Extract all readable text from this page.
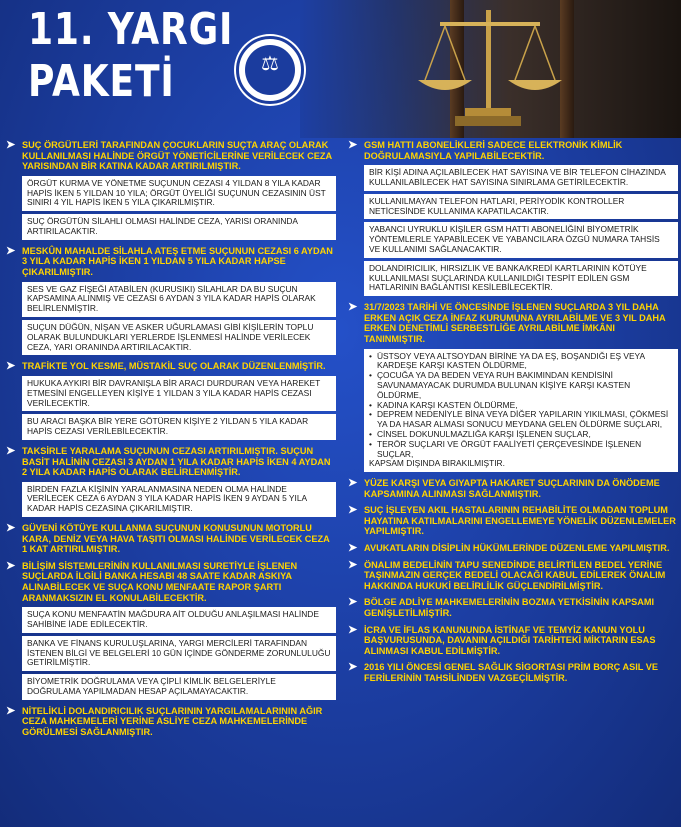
11. YARGI
PAKETİ	⚖
➤ SUÇ ÖRGÜTLERİ TARAFINDAN ÇOCUKLARIN SUÇTA ARAÇ OLARAK KULLANILMASI HALİNDE ÖRGÜT YÖNETİCİLERİNE VERİLECEK CEZA YARISINDAN BİR KATINA KADAR ARTIRILMIŞTIR.
ÖRGÜT KURMA VE YÖNETME SUÇUNUN CEZASI 4 YILDAN 8 YILA KADAR HAPİS İKEN 5 YILDAN 10 YILA; ÖRGÜT ÜYELİĞİ SUÇUNUN CEZASININ ÜST SINIRI 4 YIL HAPİS İKEN 5 YILA ÇIKARILMIŞTIR.
SUÇ ÖRGÜTÜN SİLAHLI OLMASI HALİNDE CEZA, YARISI ORANINDA ARTIRILACAKTIR.
➤ MESKÛN MAHALDE SİLAHLA ATEŞ ETME SUÇUNUN CEZASI 6 AYDAN 3 YILA KADAR HAPİS İKEN 1 YILDAN 5 YILA KADAR HAPSE ÇIKARILMIŞTIR.
SES VE GAZ FİŞEĞİ ATABİLEN (KURUSIKI) SİLAHLAR DA BU SUÇUN KAPSAMINA ALINMIŞ VE CEZASI 6 AYDAN 3 YILA KADAR HAPİS OLARAK BELİRLENMİŞTİR.
SUÇUN DÜĞÜN, NİŞAN VE ASKER UĞURLAMASI GİBİ KİŞİLERİN TOPLU OLARAK BULUNDUKLARI YERLERDE İŞLENMESİ HALİNDE VERİLECEK CEZA, YARI ORANINDA ARTIRILACAKTIR.
➤ TRAFİKTE YOL KESME, MÜSTAKİL SUÇ OLARAK DÜZENLENMİŞTİR.
HUKUKA AYKIRI BİR DAVRANIŞLA BİR ARACI DURDURAN VEYA HAREKET ETMESİNİ ENGELLEYEN KİŞİYE 1 YILDAN 3 YILA KADAR HAPİS CEZASI VERİLECEKTİR.
BU ARACI BAŞKA BİR YERE GÖTÜREN KİŞİYE 2 YILDAN 5 YILA KADAR HAPİS CEZASI VERİLEBİLECEKTİR.
➤ TAKSİRLE YARALAMA SUÇUNUN CEZASI ARTIRILMIŞTIR. SUÇUN BASİT HALİNİN CEZASI 3 AYDAN 1 YILA KADAR HAPİS İKEN 4 AYDAN 2 YILA KADAR HAPİS OLARAK BELİRLENMİŞTİR.
BİRDEN FAZLA KİŞİNİN YARALANMASINA NEDEN OLMA HALİNDE VERİLECEK CEZA 6 AYDAN 3 YILA KADAR HAPİS İKEN 9 AYDAN 5 YILA KADAR HAPİS CEZASINA ÇIKARILMIŞTIR.
➤ GÜVENİ KÖTÜYE KULLANMA SUÇUNUN KONUSUNUN MOTORLU KARA, DENİZ VEYA HAVA TAŞITI OLMASI HALİNDE VERİLECEK CEZA 1 KAT ARTIRILMIŞTIR.
➤ BİLİŞİM SİSTEMLERİNİN KULLANILMASI SURETİYLE İŞLENEN SUÇLARDA İLGİLİ BANKA HESABI 48 SAATE KADAR ASKIYA ALINABİLECEK VE SUÇA KONU MENFAATE RAPOR ŞARTI ARANMAKSIZIN EL KONULABİLECEKTİR.
SUÇA KONU MENFAATİN MAĞDURA AİT OLDUĞU ANLAŞILMASI HALİNDE SAHİBİNE İADE EDİLECEKTİR.
BANKA VE FİNANS KURULUŞLARINA, YARGI MERCİLERİ TARAFINDAN İSTENEN BİLGİ VE BELGELERİ 10 GÜN İÇİNDE GÖNDERME ZORUNLULUĞU GETİRİLMİŞTİR.
BİYOMETRİK DOĞRULAMA VEYA ÇİPLİ KİMLİK BELGELERİYLE DOĞRULAMA YAPILMADAN HESAP AÇILAMAYACAKTIR.
➤ NİTELİKLİ DOLANDIRICILIK SUÇLARININ YARGILAMALARININ AĞIR CEZA MAHKEMELERİ YERİNE ASLİYE CEZA MAHKEMELERİNDE GÖRÜLMESİ SAĞLANMIŞTIR.
➤ GSM HATTI ABONELİKLERİ SADECE ELEKTRONİK KİMLİK DOĞRULAMASIYLA YAPILABİLECEKTİR.
BİR KİŞİ ADINA AÇILABİLECEK HAT SAYISINA VE BİR TELEFON CİHAZINDA KULLANILABİLECEK HAT SAYISINA SINIRLAMA GETİRİLECEKTİR.
KULLANILMAYAN TELEFON HATLARI, PERİYODİK KONTROLLER NETİCESİNDE KULLANIMA KAPATILACAKTIR.
YABANCI UYRUKLU KİŞİLER GSM HATTI ABONELİĞİNİ BİYOMETRİK YÖNTEMLERLE YAPABİLECEK VE YABANCILARA ÖZGÜ NUMARA TAHSİS VE KULLANIMI SAĞLANACAKTIR.
DOLANDIRICILIK, HIRSIZLIK VE BANKA/KREDİ KARTLARININ KÖTÜYE KULLANILMASI SUÇLARINDA KULLANILDIĞI TESPİT EDİLEN GSM HATLARININ BAĞLANTISI KESİLEBİLECEKTİR.
➤ 31/7/2023 TARİHİ VE ÖNCESİNDE İŞLENEN SUÇLARDA 3 YIL DAHA ERKEN AÇIK CEZA İNFAZ KURUMUNA AYRILABİLME VE 3 YIL DAHA ERKEN DENETİMLİ SERBESTLİĞE AYRILABİLME İMKÂNI TANINMIŞTIR.
• ÜSTSOY VEYA ALTSOYDAN BİRİNE YA DA EŞ, BOŞANDIĞI EŞ VEYA KARDEŞE KARŞI KASTEN ÖLDÜRME,
• ÇOCUĞA YA DA BEDEN VEYA RUH BAKIMINDAN KENDİSİNİ SAVUNAMAYACAK DURUMDA BULUNAN KİŞİYE KARŞI KASTEN ÖLDÜRME,
• KADINA KARŞI KASTEN ÖLDÜRME,
• DEPREM NEDENİYLE BİNA VEYA DİĞER YAPILARIN YIKILMASI, ÇÖKMESİ YA DA HASAR ALMASI SONUCU MEYDANA GELEN ÖLDÜRME SUÇLARI,
• CİNSEL DOKUNULMAZLIĞA KARŞI İŞLENEN SUÇLAR,
• TERÖR SUÇLARI VE ÖRGÜT FAALİYETİ ÇERÇEVESİNDE İŞLENEN SUÇLAR,
KAPSAM DIŞINDA BIRAKILMIŞTIR.
➤ YÜZE KARŞI VEYA GIYAPTA HAKARET SUÇLARININ DA ÖNÖDEME KAPSAMINA ALINMASI SAĞLANMIŞTIR.
➤ SUÇ İŞLEYEN AKIL HASTALARININ REHABİLİTE OLMADAN TOPLUM HAYATINA KATILMALARINI ENGELLEMEYE YÖNELİK DÜZENLEMELER YAPILMIŞTIR.
➤ AVUKATLARIN DİSİPLİN HÜKÜMLERİNDE DÜZENLEME YAPILMIŞTIR.
➤ ÖNALIM BEDELİNİN TAPU SENEDİNDE BELİRTİLEN BEDEL YERİNE TAŞINMAZIN GERÇEK BEDELİ OLACAĞI KABUL EDİLEREK ÖNALIM HAKKINDA HUKUKİ BELİRLİLİK GÜÇLENDİRİLMİŞTİR.
➤ BÖLGE ADLİYE MAHKEMELERİNİN BOZMA YETKİSİNİN KAPSAMI GENİŞLETİLMİŞTİR.
➤ İCRA VE İFLAS KANUNUNDA İSTİNAF VE TEMYİZ KANUN YOLU BAŞVURUSUNDA, DAVANIN AÇILDIĞI TARİHTEKİ MİKTARIN ESAS ALINMASI KABUL EDİLMİŞTİR.
➤ 2016 YILI ÖNCESİ GENEL SAĞLIK SİGORTASI PRİM BORÇ ASIL VE FERİLERİNİN TAHSİLİNDEN VAZGEÇİLMİŞTİR.
